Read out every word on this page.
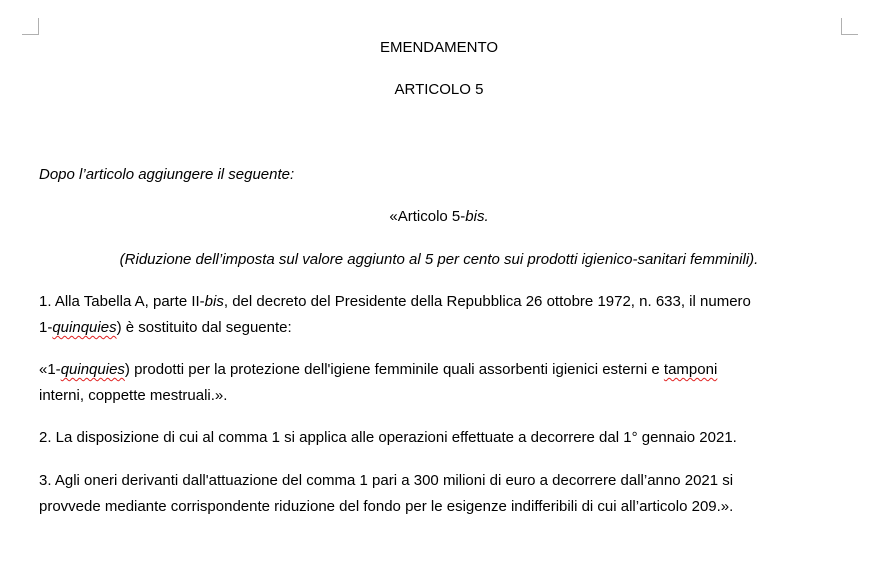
EMENDAMENTO
ARTICOLO 5
Dopo l’articolo aggiungere il seguente:
«Articolo 5-bis.
(Riduzione dell’imposta sul valore aggiunto al 5 per cento sui prodotti igienico-sanitari femminili).
1. Alla Tabella A, parte II-bis, del decreto del Presidente della Repubblica 26 ottobre 1972, n. 633, il numero
1-quinquies) è sostituito dal seguente:
«1-quinquies) prodotti per la protezione dell'igiene femminile quali assorbenti igienici esterni e tamponi
interni, coppette mestruali.».
2. La disposizione di cui al comma 1 si applica alle operazioni effettuate a decorrere dal 1° gennaio 2021.
3. Agli oneri derivanti dall'attuazione del comma 1 pari a 300 milioni di euro a decorrere dall’anno 2021 si
provvede mediante corrispondente riduzione del fondo per le esigenze indifferibili di cui all’articolo 209.».
